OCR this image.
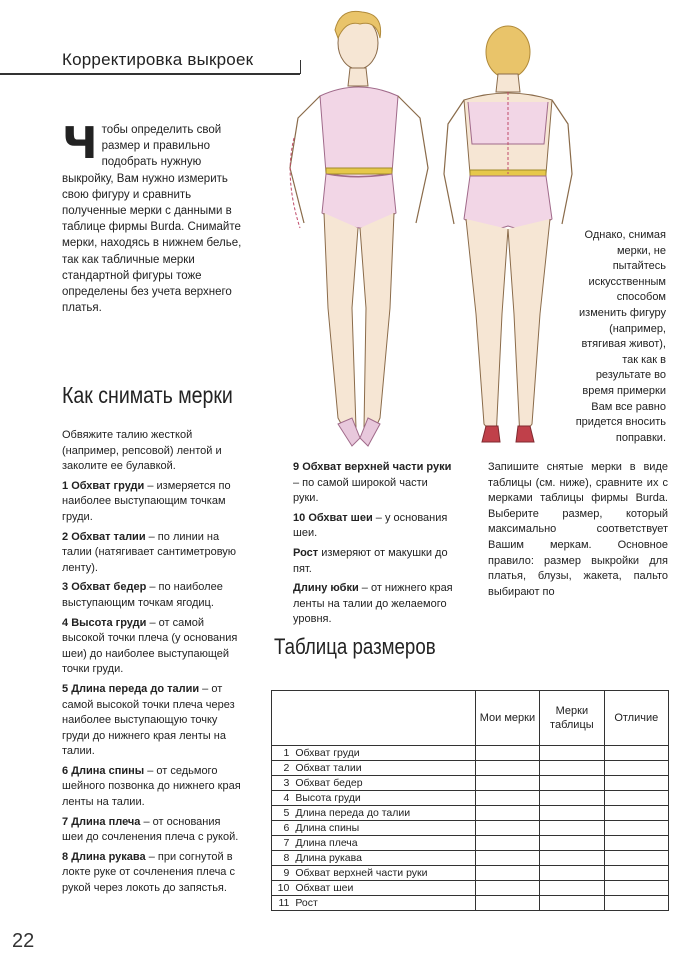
Корректировка выкроек
Чтобы определить свой размер и правильно подобрать нужную выкройку, Вам нужно измерить свою фигуру и сравнить полученные мерки с данными в таблице фирмы Burda. Снимайте мерки, находясь в нижнем белье, так как табличные мерки стандартной фигуры тоже определены без учета верхнего платья.
Однако, снимая мерки, не пытайтесь искусственным способом изменить фигуру (например, втягивая живот), так как в результате во время примерки Вам все равно придется вносить поправки.
Как снимать мерки

Обвяжите талию жесткой (например, репсовой) лентой и заколите ее булавкой.

1 Обхват груди – измеряется по наиболее выступающим точкам груди.

2 Обхват талии – по линии на талии (натягивает сантиметровую ленту).

3 Обхват бедер – по наиболее выступающим точкам ягодиц.

4 Высота груди – от самой высокой точки плеча (у основания шеи) до наиболее выступающей точки груди.

5 Длина переда до талии – от самой высокой точки плеча через наиболее выступающую точку груди до нижнего края ленты на талии.

6 Длина спины – от седьмого шейного позвонка до нижнего края ленты на талии.

7 Длина плеча – от основания шеи до сочленения плеча с рукой.

8 Длина рукава – при согнутой в локте руке от сочленения плеча с рукой через локоть до запястья.

9 Обхват верхней части руки – по самой широкой части руки.

10 Обхват шеи – у основания шеи.

Рост измеряют от макушки до пят.

Длину юбки – от нижнего края ленты на талии до желаемого уровня.

Запишите снятые мерки в виде таблицы (см. ниже), сравните их с мерками таблицы фирмы Burda. Выберите размер, который максимально соответствует Вашим меркам. Основное правило: размер выкройки для платья, блузы, жакета, пальто выбирают по
Таблица размеров
		Мои мерки	Мерки таблицы	Отличие
1	Обхват груди			
2	Обхват талии			
3	Обхват бедер			
4	Высота груди			
5	Длина переда до талии			
6	Длина спины			
7	Длина плеча			
8	Длина рукава			
9	Обхват верхней части руки			
10	Обхват шеи			
11	Рост			
22
